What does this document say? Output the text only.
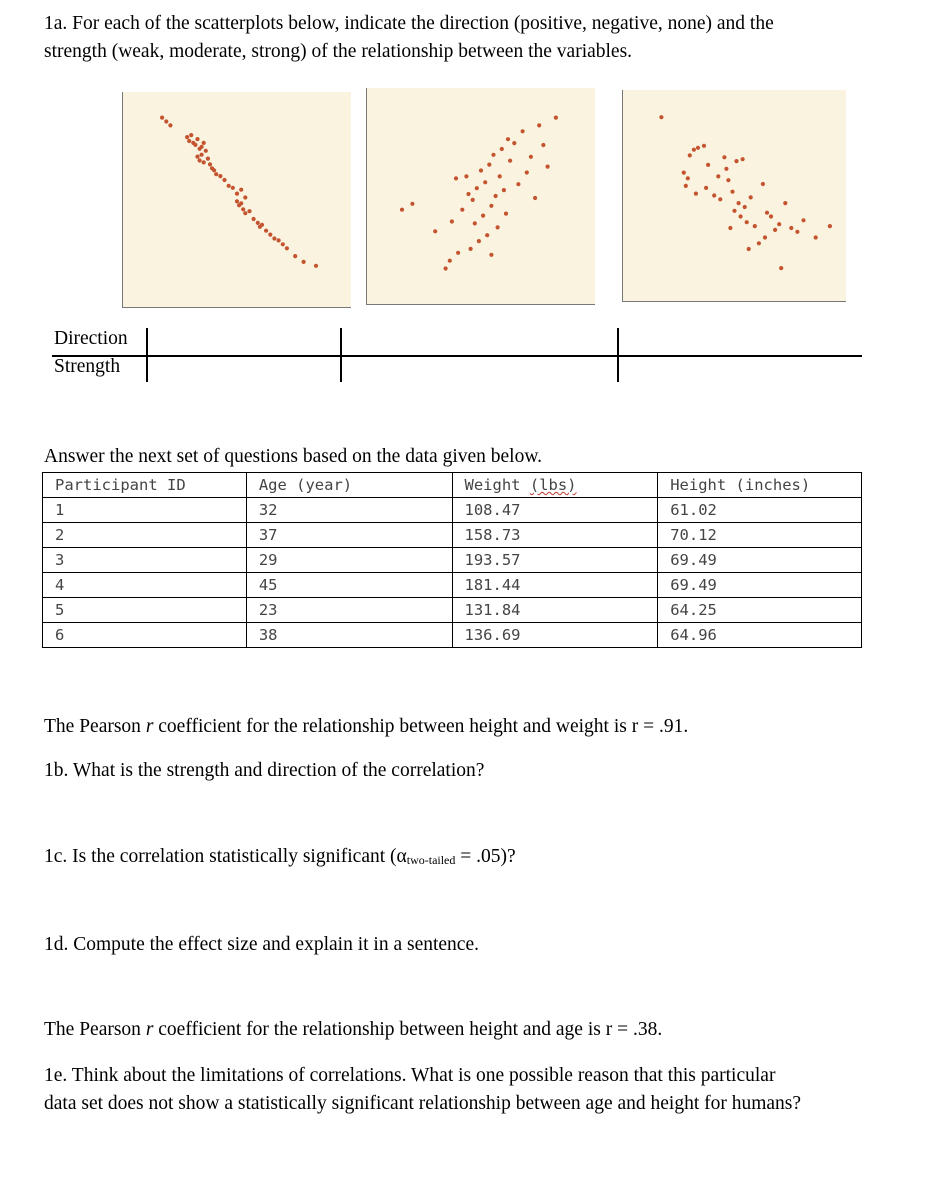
1a. For each of the scatterplots below, indicate the direction (positive, negative, none) and the
strength (weak, moderate, strong) of the relationship between the variables.
Direction
Strength
Answer the next set of questions based on the data given below.
Participant ID	Age (year)	Weight (lbs)	Height (inches)
1	32	108.47	61.02
2	37	158.73	70.12
3	29	193.57	69.49
4	45	181.44	69.49
5	23	131.84	64.25
6	38	136.69	64.96
The Pearson r coefficient for the relationship between height and weight is r = .91.
1b. What is the strength and direction of the correlation?
1c. Is the correlation statistically significant $(\alpha_{two-tailed} = .05)$?
1d. Compute the effect size and explain it in a sentence.
The Pearson r coefficient for the relationship between height and age is r = .38.
1e. Think about the limitations of correlations. What is one possible reason that this particular
data set does not show a statistically significant relationship between age and height for humans?
